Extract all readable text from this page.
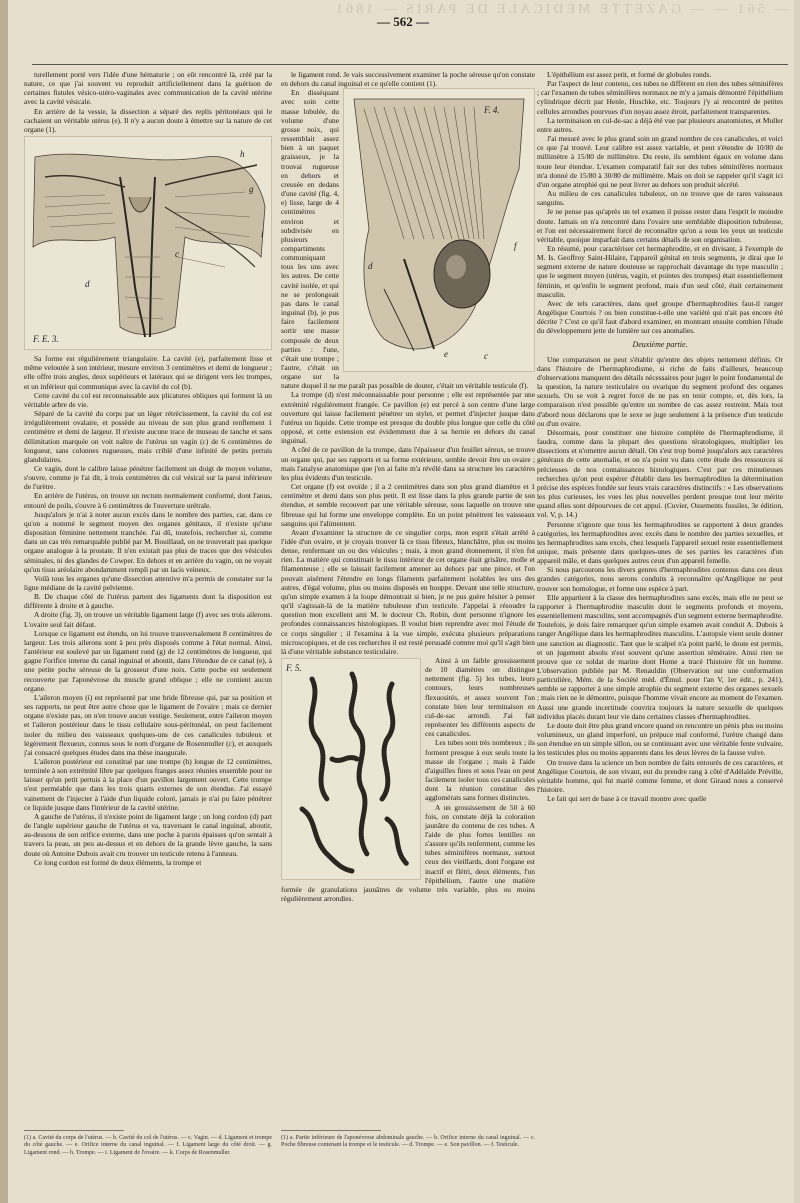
— 561 — — GAZETTE MÉDICALE DE PARIS — 1861
— 562 —

turellement porté vers l'idée d'une hématurie ; on eût rencontré là, créé par la nature, ce que j'ai souvent vu reproduit artificiellement dans la guérison de certaines fistules vésico-utéro-vaginales avec communication de la cavité utérine avec la cavité vésicale.

En arrière de la vessie, la dissection a séparé des replis péritonéaux qui le cachaient un véritable utérus (e). Il n'y a aucun doute à émettre sur la nature de cet organe (1).

d
c
h
g
i
F. E. 3.

Sa forme est régulièrement triangulaire. La cavité (e), parfaitement lisse et même veloutée à son intérieur, mesure environ 3 centimètres et demi de longueur ; elle offre trois angles, deux supérieurs et latéraux qui se dirigent vers les trompes, et un inférieur qui communique avec la cavité du col (b).

Cette cavité du col est reconnaissable aux plicatures obliques qui forment là un véritable arbre de vie.

Séparé de la cavité du corps par un léger rétrécissement, la cavité du col est irrégulièrement ovalaire, et possède au niveau de son plus grand renflement 1 centimètre et demi de largeur. Il n'existe aucune trace de museau de tanche et sans délimitation marquée on voit naître de l'utérus un vagin (c) de 6 centimètres de longueur, sans colonnes rugueuses, mais criblé d'une infinité de petits pertuis glandulaires.

Ce vagin, dont le calibre laisse pénétrer facilement un doigt de moyen volume, s'ouvre, comme je l'ai dit, à trois centimètres du col vésical sur la paroi inférieure de l'urètre.

En arrière de l'utérus, on trouve un rectum normalement conformé, dont l'anus, entouré de poils, s'ouvre à 6 centimètres de l'ouverture urétrale.

Jusqu'alors je n'ai à noter aucun excès dans le nombre des parties, car, dans ce qu'on a nommé le segment moyen des organes génitaux, il n'existe qu'une disposition féminine nettement tranchée. J'ai dû, toutefois, rechercher si, comme dans un cas très remarquable publié par M. Bouillaud, on ne trouverait pas quelque organe analogue à la prostate. Il n'en existait pas plus de traces que des vésicules séminales, ni des glandes de Cowper. En dehors et en arrière du vagin, on ne voyait qu'un tissu aréolaire abondamment rempli par un lacis veineux.

Voilà tous les organes qu'une dissection attentive m'a permis de constater sur la ligne médiane de la cavité pelvienne.

B. De chaque côté de l'utérus partent des ligaments dont la disposition est différente à droite et à gauche.

A droite (fig. 3), on trouve un véritable ligament large (f) avec ses trois ailerons. L'ovaire seul fait défaut.

Lorsque ce ligament est étendu, on lui trouve transversalement 8 centimètres de largeur. Les trois ailerons sont à peu près disposés comme à l'état normal. Ainsi, l'antérieur est soulevé par un ligament rond (g) de 12 centimètres de longueur, qui gagne l'orifice interne du canal inguinal et aboutit, dans l'étendue de ce canal (e), à une petite poche séreuse de la grosseur d'une noix. Cette poche est seulement recouverte par l'aponévrose du muscle grand oblique ; elle ne contient aucun organe.

L'aileron moyen (i) est représenté par une bride fibreuse qui, par sa position et ses rapports, ne peut être autre chose que le ligament de l'ovaire ; mais ce dernier organe n'existe pas, on n'en trouve aucun vestige. Seulement, entre l'aileron moyen et l'aileron postérieur dans le tissu cellulaire sous-péritonéal, on peut facilement isoler du milieu des vaisseaux quelques-uns de ces canalicules tubuleux et légèrement flexueux, connus sous le nom d'organe de Rosenmuller (c), et auxquels j'ai consacré quelques études dans ma thèse inaugurale.

L'aileron postérieur est constitué par une trompe (h) longue de 12 centimètres, terminée à son extrémité libre par quelques franges assez réunies ensemble pour ne laisser qu'un petit pertuis à la place d'un pavillon largement ouvert. Cette trompe n'est perméable que dans les trois quarts externes de son étendue. J'ai essayé vainement de l'injecter à l'aide d'un liquide coloré, jamais je n'ai pu faire pénétrer ce liquide jusque dans l'intérieur de la cavité utérine.

A gauche de l'utérus, il n'existe point de ligament large ; un long cordon (d) part de l'angle supérieur gauche de l'utérus et va, traversant le canal inguinal, aboutir, au-dessous de son orifice externe, dans une poche à parois épaisses qu'on sentait à travers la peau, un peu au-dessus et en dehors de la grande lèvre gauche, la sans doute où Antoine Dubois avait cru trouver un testicule retenu à l'anneau.

Ce long cordon est formé de deux éléments, la trompe et

le ligament rond. Je vais successivement examiner la poche séreuse qu'on constate en dehors du canal inguinal et ce qu'elle contient (1).

F. 4.
f
d
e	c

En disséquant avec soin cette masse lobulée, du volume d'une grosse noix, qui ressemblait assez bien à un paquet graisseux, je la trouvai rugueuse en dehors et creusée en dedans d'une cavité (fig. 4, e) lisse, large de 4 centimètres environ et subdivisée en plusieurs compartiments communiquant tous les uns avec les autres. De cette cavité isolée, et qui ne se prolongeait pas dans le canal inguinal (b), je pus faire facilement sortir une masse composée de deux parties : l'une, c'était une trompe ; l'autre, c'était un organe sur la nature duquel il ne me paraît pas possible de douter, c'était un véritable testicule (f).

La trompe (d) n'est méconnaissable pour personne ; elle est représentée par une extrémité régulièrement frangée. Ce pavillon (e) est percé à son centre d'une large ouverture qui laisse facilement pénétrer un stylet, et permet d'injecter jusque dans l'utérus un liquide. Cette trompe est presque du double plus longue que celle du côté opposé, et cette extension est évidemment due à sa hernie en dehors du canal inguinal.

A côté de ce pavillon de la trompe, dans l'épaisseur d'un feuillet séreux, se trouve un organe qui, par ses rapports et sa forme extérieure, semble devoir être un ovaire ; mais l'analyse anatomique que j'en ai faite m'a révélé dans sa structure les caractères les plus évidents d'un testicule.

Cet organe (f) est ovoïde ; il a 2 centimètres dans son plus grand diamètre et 1 centimètre et demi dans son plus petit. Il est lisse dans la plus grande partie de son étendue, et semble recouvert par une véritable séreuse, sous laquelle on trouve une fibreuse qui lui forme une enveloppe complète. En un point pénètrent les vaisseaux sanguins qui l'alimentent.

Avant d'examiner la structure de ce singulier corps, mon esprit s'était arrêté à l'idée d'un ovaire, et je croyais trouver là ce tissu fibreux, blanchâtre, plus ou moins dense, renfermant un ou des vésicules ; mais, à mon grand étonnement, il n'en fut rien. La matière qui constituait le tissu intérieur de cet organe était grisâtre, molle et filamenteuse ; elle se laissait facilement amener au dehors par une pince, et l'on pouvait aisément l'étendre en longs filaments parfaitement isolables les uns des autres, d'égal volume, plus ou moins disposés en houppe. Devant une telle structure, qu'un simple examen à la loupe démontrait si bien, je ne pus guère hésiter à penser qu'il s'agissait-là de la matière tubuleuse d'un testicule. J'appelai à résoudre la question mon excellent ami M. le docteur Ch. Robin, dont personne n'ignore les profondes connaissances histologiques. Il voulut bien reprendre avec moi l'étude de ce corps singulier ; il l'examina à la vue simple, exécuta plusieurs préparations microscopiques, et de ces recherches il est resté persuadé comme moi qu'il s'agit bien là d'une véritable substance testiculaire.

F. 5.

Ainsi à un faible grossissement de 10 diamètres on distingue nettement (fig. 5) les tubes, leurs contours, leurs nombreuses flexuosités, et assez souvent l'on constate bien leur terminaison en cul-de-sac arrondi. J'ai fait représenter les différents aspects de ces canalicules.

Les tubes sont très nombreux ; ils forment presque à eux seuls toute la masse de l'organe ; mais à l'aide d'aiguilles fines et sous l'eau on peut facilement isoler tous ces canalicules dont la réunion constitue des agglomérats sans formes distinctes.

A un grossissement de 50 à 60 fois, on constate déjà la coloration jaunâtre du contenu de ces tubes. A l'aide de plus fortes lentilles on s'assure qu'ils renferment, comme les tubes séminifères normaux, surtout ceux des vieillards, dont l'organe est inactif et flétri, deux éléments, l'un l'épithélium, l'autre une matière formée de granulations jaunâtres de volume très variable, plus ou moins régulièrement arrondies.

L'épithélium est assez petit, et formé de globules ronds.

Par l'aspect de leur contenu, ces tubes ne diffèrent en rien des tubes séminifères ; car l'examen de tubes séminifères normaux ne m'y a jamais démontré l'épithélium cylindrique décrit par Henle, Huschke, etc. Toujours j'y ai rencontré de petites cellules arrondies pourvues d'un noyau assez étroit, parfaitement transparentes.

La terminaison en cul-de-sac a déjà été vue par plusieurs anatomistes, et Muller entre autres.

J'ai mesuré avec le plus grand soin un grand nombre de ces canalicules, et voici ce que j'ai trouvé. Leur calibre est assez variable, et peut s'étendre de 10/80 de millimètre à 15/80 de millimètre. Du reste, ils semblent égaux en volume dans toute leur étendue. L'examen comparatif fait sur des tubes séminifères normaux m'a donné de 15/80 à 30/80 de millimètre. Mais on doit se rappeler qu'il s'agit ici d'un organe atrophié qui ne peut livrer au dehors son produit sécrété.

Au milieu de ces canalicules tubuleux, on ne trouve que de rares vaisseaux sanguins.

Je ne pense pas qu'après un tel examen il puisse rester dans l'esprit le moindre doute. Jamais on n'a rencontré dans l'ovaire une semblable disposition tubuleuse, et l'on est nécessairement forcé de reconnaître qu'on a sous les yeux un testicule véritable, quoique imparfait dans certains détails de son organisation.

En résumé, pour caractériser cet hermaphrodite, et en divisant, à l'exemple de M. Is. Geoffroy Saint-Hilaire, l'appareil génital en trois segments, je dirai que le segment externe de nature douteuse se rapprochait davantage du type masculin ; que le segment moyen (utérus, vagin, et pointes des trompes) était essentiellement féminin, et qu'enfin le segment profond, mais d'un seul côté, était certainement masculin.

Avec de tels caractères, dans quel groupe d'hermaphrodites faut-il ranger Angélique Courtois ? ou bien constitue-t-elle une variété qui n'ait pas encore été décrite ? C'est ce qu'il faut d'abord examiner, en montrant ensuite combien l'étude du développement jette de lumière sur ces anomalies.

Deuxième partie.

Une comparaison ne peut s'établir qu'entre des objets nettement définis. Or dans l'histoire de l'hermaphrodisme, si riche de faits d'ailleurs, beaucoup d'observations manquent des détails nécessaires pour juger le point fondamental de la question, la nature testiculaire ou ovarique du segment profond des organes sexuels. On se voit à regret forcé de ne pas en tenir compte, et, dès lors, la comparaison n'est possible qu'entre un nombre de cas assez restreint. Mais tout d'abord nous déclarons que le sexe se juge seulement à la présence d'un testicule ou d'un ovaire.

Désormais, pour constituer une histoire complète de l'hermaphrodisme, il faudra, comme dans la plupart des questions tératologiques, multiplier les dissections et n'omettre aucun détail. On s'est trop borné jusqu'alors aux caractères généraux de cette anomalie, et on n'a point vu dans cette étude des ressources si précieuses de nos connaissances histologiques. C'est par ces minutieuses recherches qu'on peut espérer d'établir dans les hermaphrodites la détermination précise des espèces fondée sur leurs vrais caractères distinctifs : « Les observations les plus curieuses, les vues les plus nouvelles perdent presque tout leur mérite quand elles sont dépourvues de cet appui. (Cuvier, Ossements fossiles, 3e édition, vol. V, p. 14.)

Personne n'ignore que tous les hermaphrodites se rapportent à deux grandes catégories, les hermaphrodites avec excès dans le nombre des parties sexuelles, et les hermaphrodites sans excès, chez lesquels l'appareil sexuel reste essentiellement unique, mais présente dans quelques-unes de ses parties les caractères d'un appareil mâle, et dans quelques autres ceux d'un appareil femelle.

Si nous parcourons les divers genres d'hermaphrodites contenus dans ces deux grandes catégories, nous serons conduits à reconnaître qu'Angélique ne peut trouver son homologue, et forme une espèce à part.

Elle appartient à la classe des hermaphrodites sans excès, mais elle ne peut se rapporter à l'hermaphrodite masculin dont le segments profonds et moyens, essentiellement masculins, sont accompagnés d'un segment externe hermaphrodite. Toutefois, je dois faire remarquer qu'un simple examen avait conduit A. Dubois à ranger Angélique dans les hermaphrodites masculins. L'autopsie vient seule donner une sanction au diagnostic. Tant que le scalpel n'a point parlé, le doute est permis, et un jugement absolu n'est souvent qu'une assertion téméraire. Ainsi rien ne prouve que ce soldat de marine dont Home a tracé l'histoire fût un homme. L'observation publiée par M. Renauldin (Observation sur une conformation particulière, Mém. de la Société méd. d'Émul. pour l'an V, 1er édit., p. 241), semble se rapporter à une simple atrophie du segment externe des organes sexuels ; mais rien ne le démontre, puisque l'homme vivait encore au moment de l'examen. Aussi une grande incertitude couvrira toujours la nature sexuelle de quelques individus placés durant leur vie dans certaines classes d'hermaphrodites.

Le doute doit être plus grand encore quand on rencontre un pénis plus ou moins volumineux, un gland imperforé, un prépuce mal conformé, l'urètre changé dans son étendue en un simple sillon, ou se continuant avec une véritable fente vulvaire, les testicules plus ou moins apparents dans les deux lèvres de la fausse vulve.

On trouve dans la science un bon nombre de faits entourés de ces caractères, et Angélique Courtois, de son vivant, eut du prendre rang à côté d'Adélaïde Préville, véritable homme, qui fut marié comme femme, et dont Giraud nous a conservé l'histoire.

Le fait qui sert de base à ce travail montre avec quelle

(1) a. Cavité du corps de l'utérus. — b. Cavité du col de l'utérus. — c. Vagin. — d. Ligament et trompe du côté gauche. — e. Orifice interne du canal inguinal. — f. Ligament large du côté droit. — g. Ligament rond. — h. Trompe. — i. Ligament de l'ovaire. — k. Corps de Rosenmuller.
(1) a. Partie inférieure de l'aponévrose abdominale gauche. — b. Orifice interne du canal inguinal. — c. Poche fibreuse contenant la trompe et le testicule. — d. Trompe. — e. Son pavillon. — f. Testicule.
